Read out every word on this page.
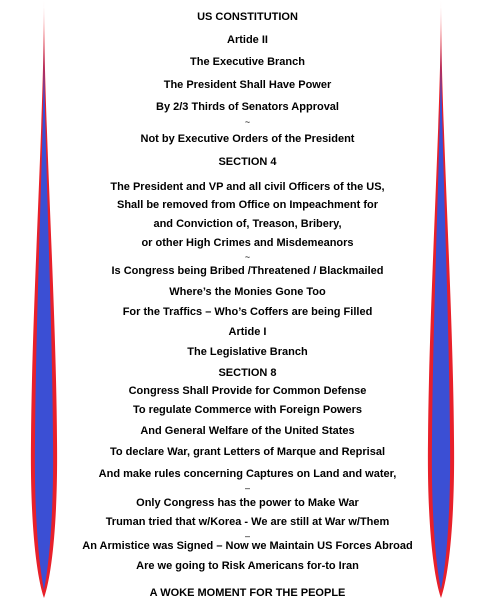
US CONSTITUTION
Artide II
The Executive Branch
The President Shall Have Power
By 2/3 Thirds of Senators Approval
~
Not by Executive Orders of the President
SECTION 4
The President and VP and all civil Officers of the US,
Shall be removed from Office on Impeachment for
and Conviction of, Treason, Bribery,
or other High Crimes and Misdemeanors
~
Is Congress being Bribed /Threatened / Blackmailed
Where’s the Monies Gone Too
For the Traffics – Who’s Coffers are being Filled
Artide I
The Legislative Branch
SECTION 8
Congress Shall Provide for Common Defense
To regulate Commerce with Foreign Powers
And General Welfare of the United States
To declare War, grant Letters of Marque and Reprisal
And make rules concerning Captures on Land and water,
–
Only Congress has the power to Make War
Truman tried that w/Korea - We are still at War w/Them
–
An Armistice was Signed – Now we Maintain US Forces Abroad
Are we going to Risk Americans for-to Iran
A WOKE MOMENT FOR THE PEOPLE
